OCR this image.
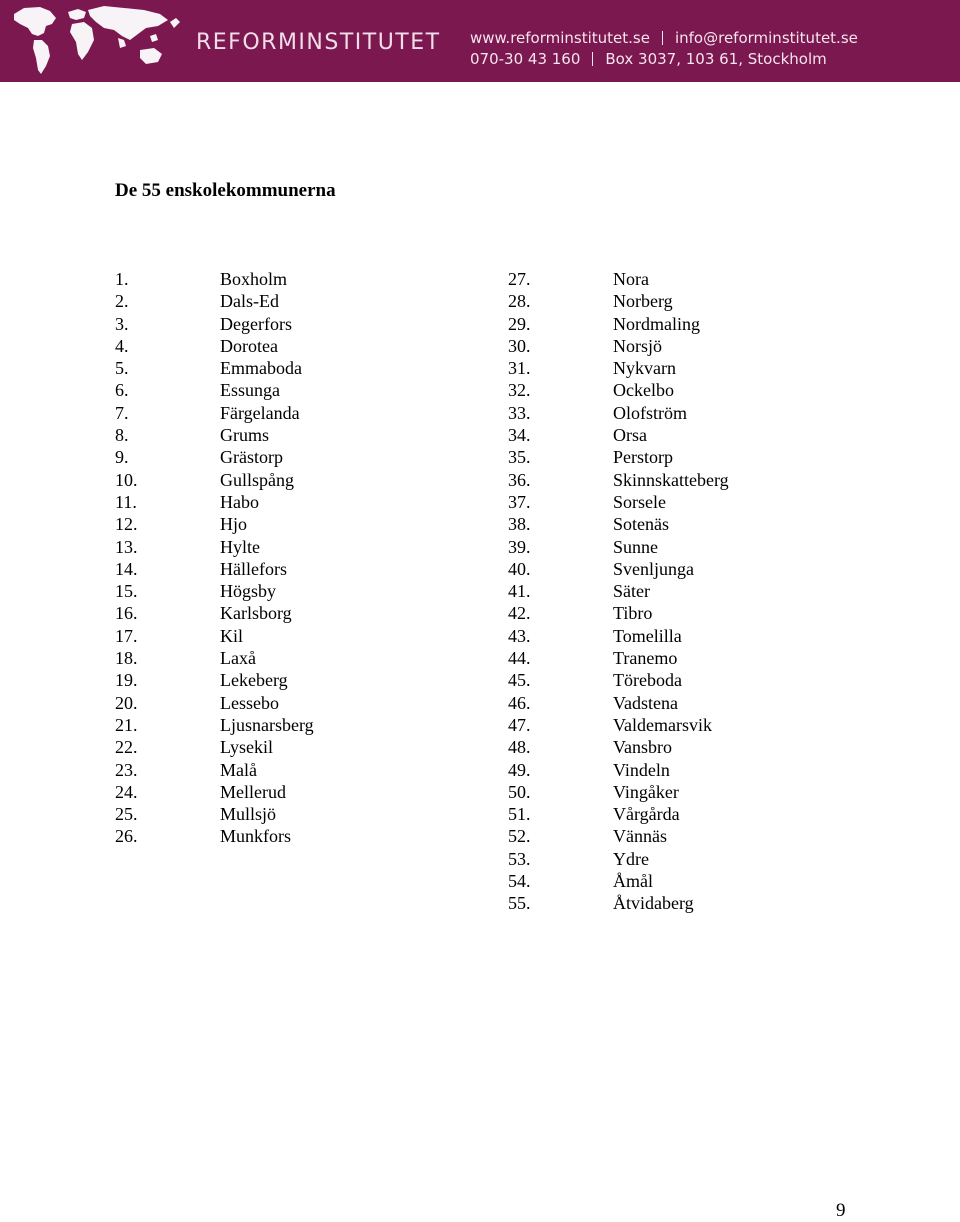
REFORMINSTITUTET www.reforminstitutet.se info@reforminstitutet.se
070-30 43 160 Box 3037, 103 61, Stockholm
De 55 enskolekommunerna
1.	Boxholm
2.	Dals-Ed
3.	Degerfors
4.	Dorotea
5.	Emmaboda
6.	Essunga
7.	Färgelanda
8.	Grums
9.	Grästorp
10.	Gullspång
11.	Habo
12.	Hjo
13.	Hylte
14.	Hällefors
15.	Högsby
16.	Karlsborg
17.	Kil
18.	Laxå
19.	Lekeberg
20.	Lessebo
21.	Ljusnarsberg
22.	Lysekil
23.	Malå
24.	Mellerud
25.	Mullsjö
26.	Munkfors
27.	Nora
28.	Norberg
29.	Nordmaling
30.	Norsjö
31.	Nykvarn
32.	Ockelbo
33.	Olofström
34.	Orsa
35.	Perstorp
36.	Skinnskatteberg
37.	Sorsele
38.	Sotenäs
39.	Sunne
40.	Svenljunga
41.	Säter
42.	Tibro
43.	Tomelilla
44.	Tranemo
45.	Töreboda
46.	Vadstena
47.	Valdemarsvik
48.	Vansbro
49.	Vindeln
50.	Vingåker
51.	Vårgårda
52.	Vännäs
53.	Ydre
54.	Åmål
55.	Åtvidaberg
9
